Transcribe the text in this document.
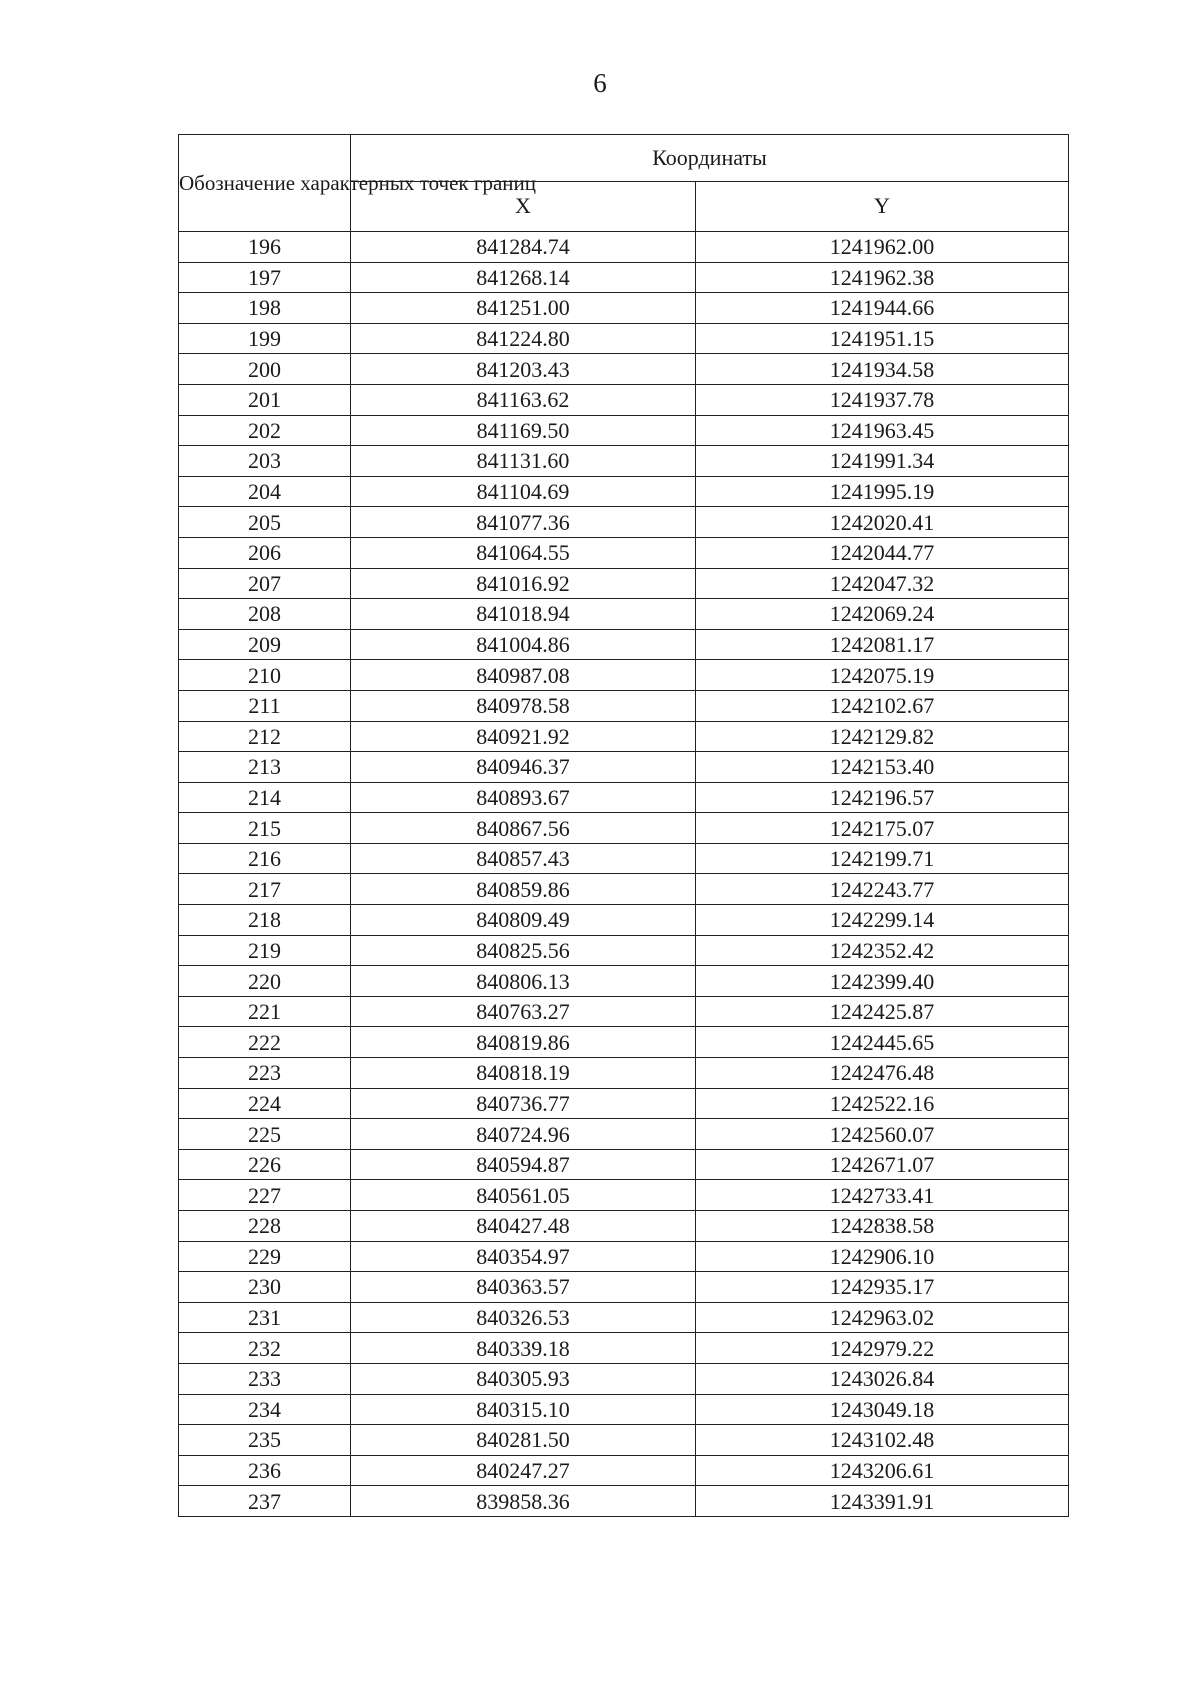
6
Обозначение характерных точек границ	Координаты	
	X	Y
196	841284.74	1241962.00
197	841268.14	1241962.38
198	841251.00	1241944.66
199	841224.80	1241951.15
200	841203.43	1241934.58
201	841163.62	1241937.78
202	841169.50	1241963.45
203	841131.60	1241991.34
204	841104.69	1241995.19
205	841077.36	1242020.41
206	841064.55	1242044.77
207	841016.92	1242047.32
208	841018.94	1242069.24
209	841004.86	1242081.17
210	840987.08	1242075.19
211	840978.58	1242102.67
212	840921.92	1242129.82
213	840946.37	1242153.40
214	840893.67	1242196.57
215	840867.56	1242175.07
216	840857.43	1242199.71
217	840859.86	1242243.77
218	840809.49	1242299.14
219	840825.56	1242352.42
220	840806.13	1242399.40
221	840763.27	1242425.87
222	840819.86	1242445.65
223	840818.19	1242476.48
224	840736.77	1242522.16
225	840724.96	1242560.07
226	840594.87	1242671.07
227	840561.05	1242733.41
228	840427.48	1242838.58
229	840354.97	1242906.10
230	840363.57	1242935.17
231	840326.53	1242963.02
232	840339.18	1242979.22
233	840305.93	1243026.84
234	840315.10	1243049.18
235	840281.50	1243102.48
236	840247.27	1243206.61
237	839858.36	1243391.91
